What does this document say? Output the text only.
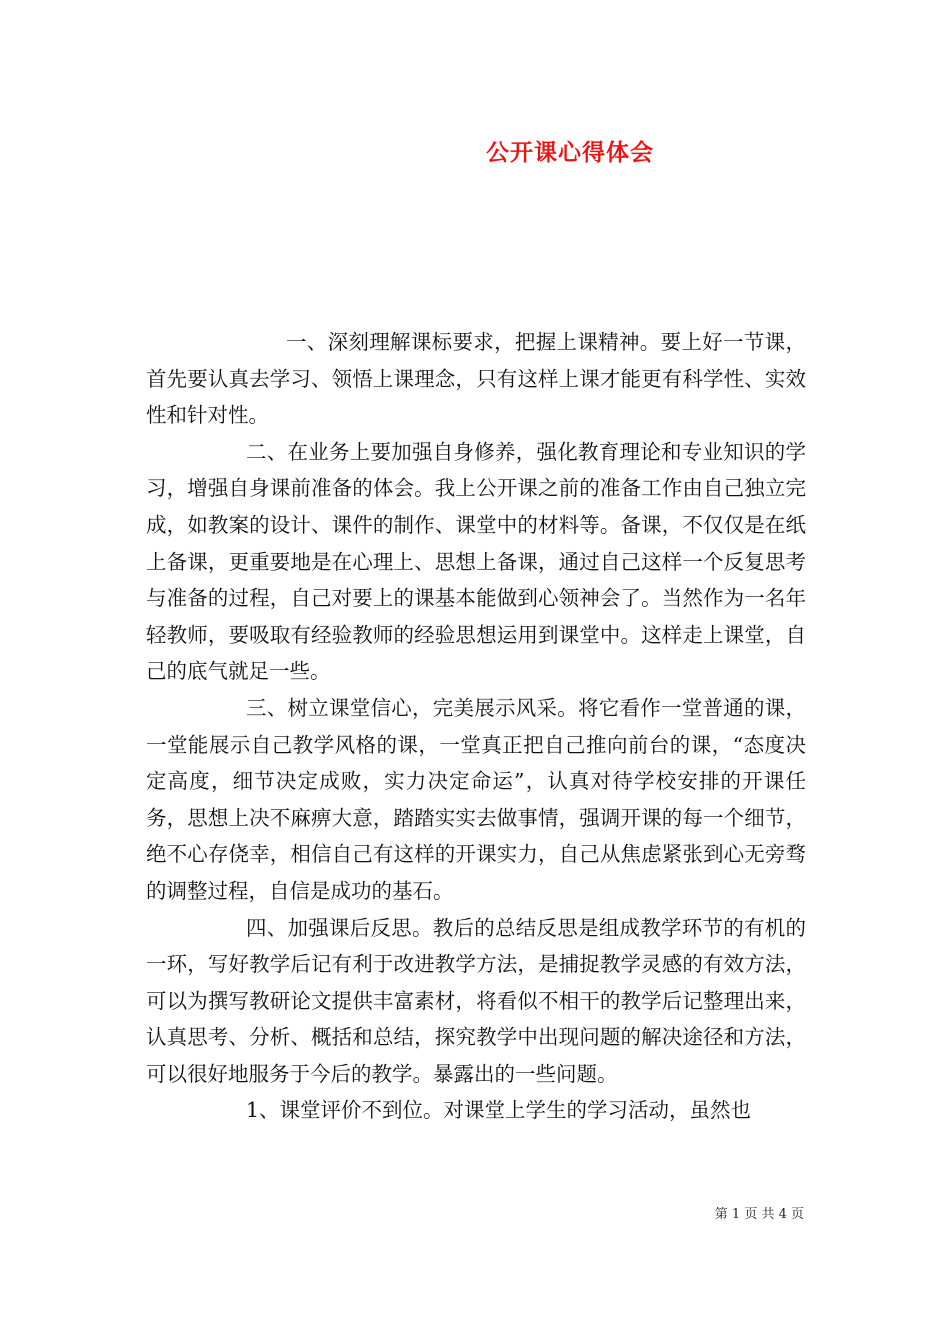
公开课心得体会

一、深刻理解课标要求，把握上课精神。要上好一节课，首先要认真去学习、领悟上课理念，只有这样上课才能更有科学性、实效性和针对性。

二、在业务上要加强自身修养，强化教育理论和专业知识的学习，增强自身课前准备的体会。我上公开课之前的准备工作由自己独立完成，如教案的设计、课件的制作、课堂中的材料等。备课，不仅仅是在纸上备课，更重要地是在心理上、思想上备课，通过自己这样一个反复思考与准备的过程，自己对要上的课基本能做到心领神会了。当然作为一名年轻教师，要吸取有经验教师的经验思想运用到课堂中。这样走上课堂，自己的底气就足一些。

三、树立课堂信心，完美展示风采。将它看作一堂普通的课，一堂能展示自己教学风格的课，一堂真正把自己推向前台的课，“态度决定高度，细节决定成败，实力决定命运”，认真对待学校安排的开课任务，思想上决不麻痹大意，踏踏实实去做事情，强调开课的每一个细节，绝不心存侥幸，相信自己有这样的开课实力，自己从焦虑紧张到心无旁骛的调整过程，自信是成功的基石。

四、加强课后反思。教后的总结反思是组成教学环节的有机的一环，写好教学后记有利于改进教学方法，是捕捉教学灵感的有效方法，可以为撰写教研论文提供丰富素材，将看似不相干的教学后记整理出来，认真思考、分析、概括和总结，探究教学中出现问题的解决途径和方法，可以很好地服务于今后的教学。暴露出的一些问题。

1、课堂评价不到位。对课堂上学生的学习活动，虽然也

第 1 页 共 4 页
